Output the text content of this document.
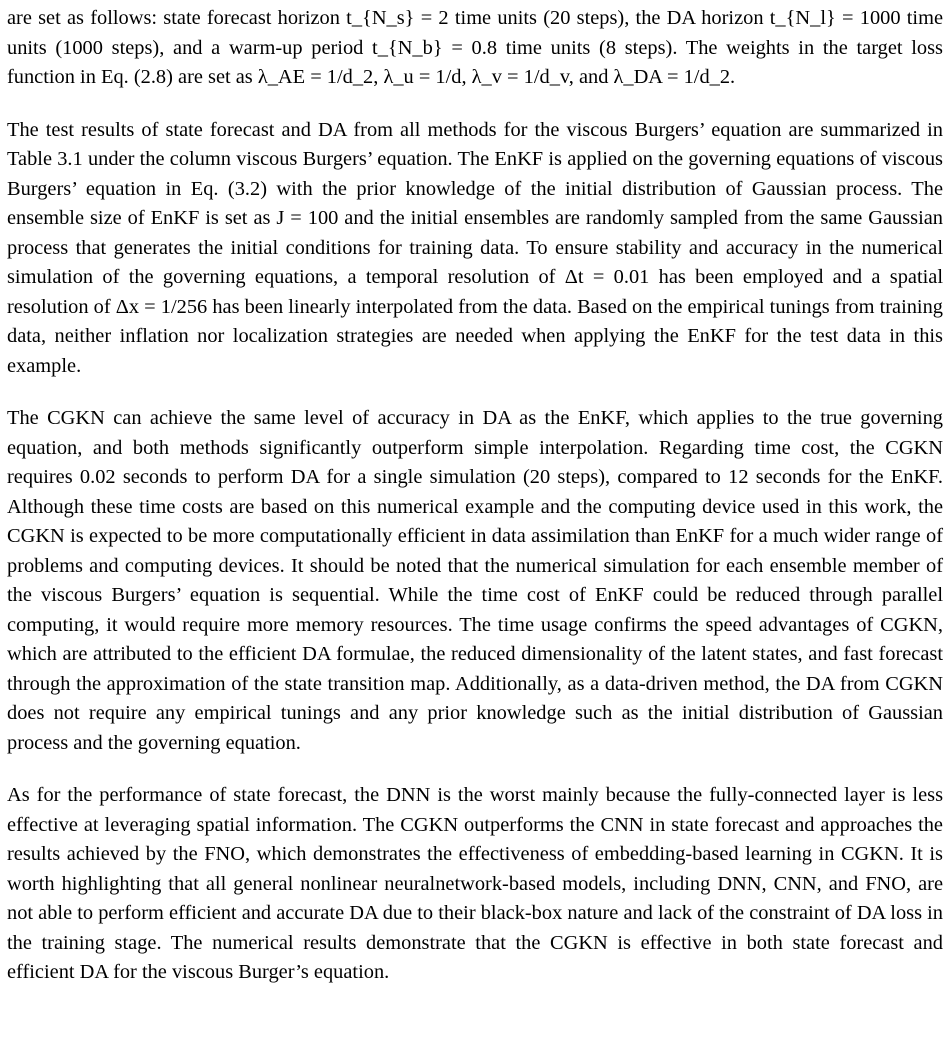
are set as follows: state forecast horizon t_{N_s} = 2 time units (20 steps), the DA horizon t_{N_l} = 1000 time units (1000 steps), and a warm-up period t_{N_b} = 0.8 time units (8 steps). The weights in the target loss function in Eq. (2.8) are set as λ_AE = 1/d_2, λ_u = 1/d, λ_v = 1/d_v, and λ_DA = 1/d_2.

The test results of state forecast and DA from all methods for the viscous Burgers’ equation are summarized in Table 3.1 under the column viscous Burgers’ equation. The EnKF is applied on the governing equations of viscous Burgers’ equation in Eq. (3.2) with the prior knowledge of the initial distribution of Gaussian process. The ensemble size of EnKF is set as J = 100 and the initial ensembles are randomly sampled from the same Gaussian process that generates the initial conditions for training data. To ensure stability and accuracy in the numerical simulation of the governing equations, a temporal resolution of Δt = 0.01 has been employed and a spatial resolution of Δx = 1/256 has been linearly interpolated from the data. Based on the empirical tunings from training data, neither inflation nor localization strategies are needed when applying the EnKF for the test data in this example.

The CGKN can achieve the same level of accuracy in DA as the EnKF, which applies to the true governing equation, and both methods significantly outperform simple interpolation. Regarding time cost, the CGKN requires 0.02 seconds to perform DA for a single simulation (20 steps), compared to 12 seconds for the EnKF. Although these time costs are based on this numerical example and the computing device used in this work, the CGKN is expected to be more computationally efficient in data assimilation than EnKF for a much wider range of problems and computing devices. It should be noted that the numerical simulation for each ensemble member of the viscous Burgers’ equation is sequential. While the time cost of EnKF could be reduced through parallel computing, it would require more memory resources. The time usage confirms the speed advantages of CGKN, which are attributed to the efficient DA formulae, the reduced dimensionality of the latent states, and fast forecast through the approximation of the state transition map. Additionally, as a data-driven method, the DA from CGKN does not require any empirical tunings and any prior knowledge such as the initial distribution of Gaussian process and the governing equation.

As for the performance of state forecast, the DNN is the worst mainly because the fully-connected layer is less effective at leveraging spatial information. The CGKN outperforms the CNN in state forecast and approaches the results achieved by the FNO, which demonstrates the effectiveness of embedding-based learning in CGKN. It is worth highlighting that all general nonlinear neuralnetwork-based models, including DNN, CNN, and FNO, are not able to perform efficient and accurate DA due to their black-box nature and lack of the constraint of DA loss in the training stage. The numerical results demonstrate that the CGKN is effective in both state forecast and efficient DA for the viscous Burger’s equation.
